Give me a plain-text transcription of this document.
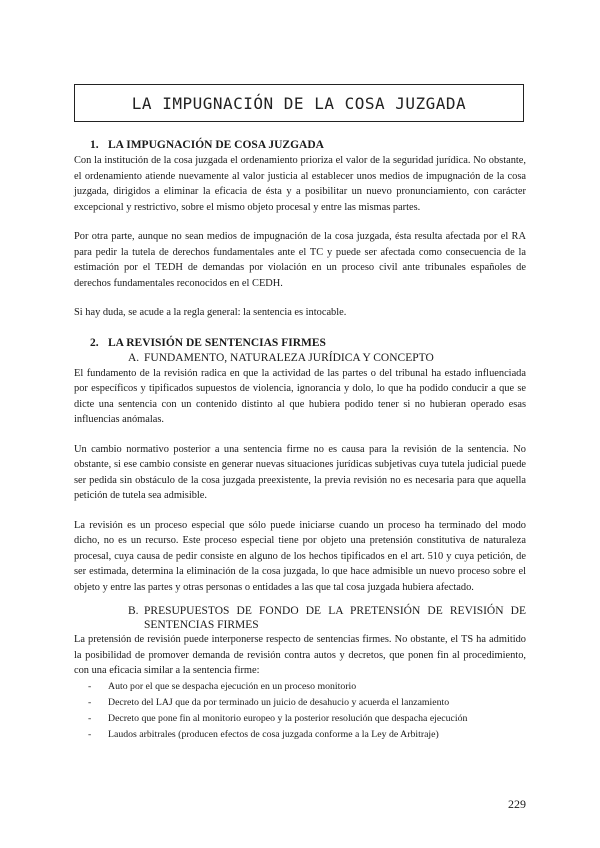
LA IMPUGNACIÓN DE LA COSA JUZGADA
1. LA IMPUGNACIÓN DE COSA JUZGADA

Con la institución de la cosa juzgada el ordenamiento prioriza el valor de la seguridad jurídica. No obstante, el ordenamiento atiende nuevamente al valor justicia al establecer unos medios de impugnación de la cosa juzgada, dirigidos a eliminar la eficacia de ésta y a posibilitar un nuevo pronunciamiento, con carácter excepcional y restrictivo, sobre el mismo objeto procesal y entre las mismas partes.

Por otra parte, aunque no sean medios de impugnación de la cosa juzgada, ésta resulta afectada por el RA para pedir la tutela de derechos fundamentales ante el TC y puede ser afectada como consecuencia de la estimación por el TEDH de demandas por violación en un proceso civil ante tribunales españoles de derechos fundamentales reconocidos en el CEDH.

Si hay duda, se acude a la regla general: la sentencia es intocable.

2. LA REVISIÓN DE SENTENCIAS FIRMES
A. FUNDAMENTO, NATURALEZA JURÍDICA Y CONCEPTO

El fundamento de la revisión radica en que la actividad de las partes o del tribunal ha estado influenciada por específicos y tipificados supuestos de violencia, ignorancia y dolo, lo que ha podido conducir a que se dicte una sentencia con un contenido distinto al que hubiera podido tener si no hubieran operado esas influencias anómalas.

Un cambio normativo posterior a una sentencia firme no es causa para la revisión de la sentencia. No obstante, si ese cambio consiste en generar nuevas situaciones jurídicas subjetivas cuya tutela judicial puede ser pedida sin obstáculo de la cosa juzgada preexistente, la previa revisión no es necesaria para que aquella petición de tutela sea admisible.

La revisión es un proceso especial que sólo puede iniciarse cuando un proceso ha terminado del modo dicho, no es un recurso. Este proceso especial tiene por objeto una pretensión constitutiva de naturaleza procesal, cuya causa de pedir consiste en alguno de los hechos tipificados en el art. 510 y cuya petición, de ser estimada, determina la eliminación de la cosa juzgada, lo que hace admisible un nuevo proceso sobre el objeto y entre las partes y otras personas o entidades a las que tal cosa juzgada hubiera afectado.

B. PRESUPUESTOS DE FONDO DE LA PRETENSIÓN DE REVISIÓN DE SENTENCIAS FIRMES

La pretensión de revisión puede interponerse respecto de sentencias firmes. No obstante, el TS ha admitido la posibilidad de promover demanda de revisión contra autos y decretos, que ponen fin al procedimiento, con una eficacia similar a la sentencia firme:

- Auto por el que se despacha ejecución en un proceso monitorio
- Decreto del LAJ que da por terminado un juicio de desahucio y acuerda el lanzamiento
- Decreto que pone fin al monitorio europeo y la posterior resolución que despacha ejecución
- Laudos arbitrales (producen efectos de cosa juzgada conforme a la Ley de Arbitraje)
229
